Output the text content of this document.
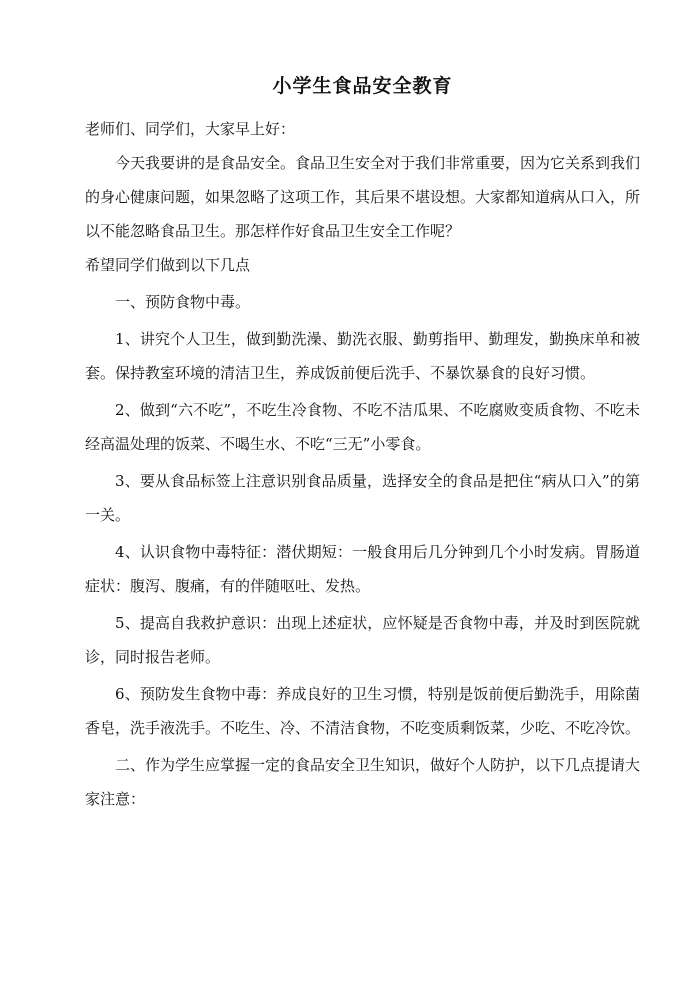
小学生食品安全教育

老师们、同学们，大家早上好：

今天我要讲的是食品安全。食品卫生安全对于我们非常重要，因为它关系到我们的身心健康问题，如果忽略了这项工作，其后果不堪设想。大家都知道病从口入，所以不能忽略食品卫生。那怎样作好食品卫生安全工作呢？

希望同学们做到以下几点

一、预防食物中毒。

1、讲究个人卫生，做到勤洗澡、勤洗衣服、勤剪指甲、勤理发，勤换床单和被套。保持教室环境的清洁卫生，养成饭前便后洗手、不暴饮暴食的良好习惯。

2、做到“六不吃”，不吃生冷食物、不吃不洁瓜果、不吃腐败变质食物、不吃未经高温处理的饭菜、不喝生水、不吃“三无”小零食。

3、要从食品标签上注意识别食品质量，选择安全的食品是把住“病从口入”的第一关。

4、认识食物中毒特征：潜伏期短：一般食用后几分钟到几个小时发病。胃肠道症状：腹泻、腹痛，有的伴随呕吐、发热。

5、提高自我救护意识：出现上述症状，应怀疑是否食物中毒，并及时到医院就诊，同时报告老师。

6、预防发生食物中毒：养成良好的卫生习惯，特别是饭前便后勤洗手，用除菌香皂，洗手液洗手。不吃生、冷、不清洁食物，不吃变质剩饭菜，少吃、不吃冷饮。

二、作为学生应掌握一定的食品安全卫生知识，做好个人防护，以下几点提请大家注意：
